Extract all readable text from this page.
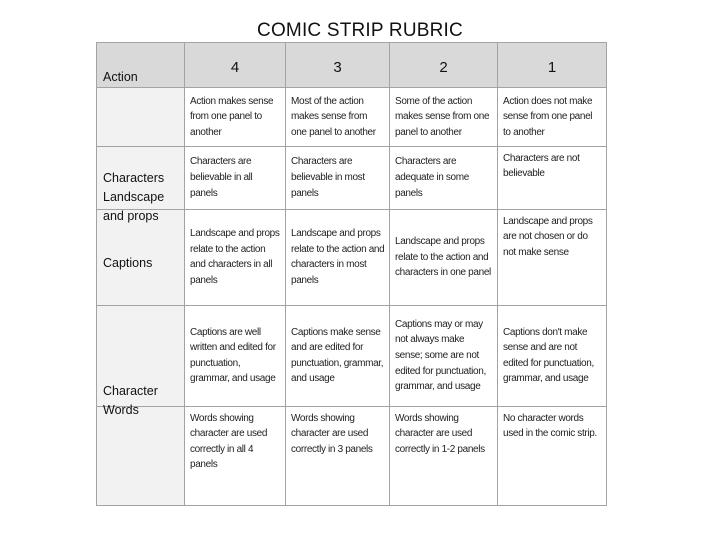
COMIC STRIP RUBRIC
	4	3	2	1

Action	Action makes sense from one panel to another	Most of the action makes sense from one panel to another	Some of the action makes sense from one panel to another	Action does not make sense from one panel to another

Characters	Characters are believable in all panels	Characters are believable in most panels	Characters are adequate in some panels	Characters are not believable

Landscape
and props	Landscape and props relate to the action and characters in all panels	Landscape and props relate to the action and characters in most panels	Landscape and props relate to the action and characters in one panel	Landscape and props are not chosen or do not make sense

Captions	Captions are well written and edited for punctuation, grammar, and usage	Captions make sense and are edited for punctuation, grammar, and usage	Captions may or may not always make sense; some are not edited for punctuation, grammar, and usage	Captions don't make sense and are not edited for punctuation, grammar, and usage

Character
Words	Words showing character are used correctly in all 4 panels	Words showing character are used correctly in 3 panels	Words showing character are used correctly in 1-2 panels	No character words used in the comic strip.
